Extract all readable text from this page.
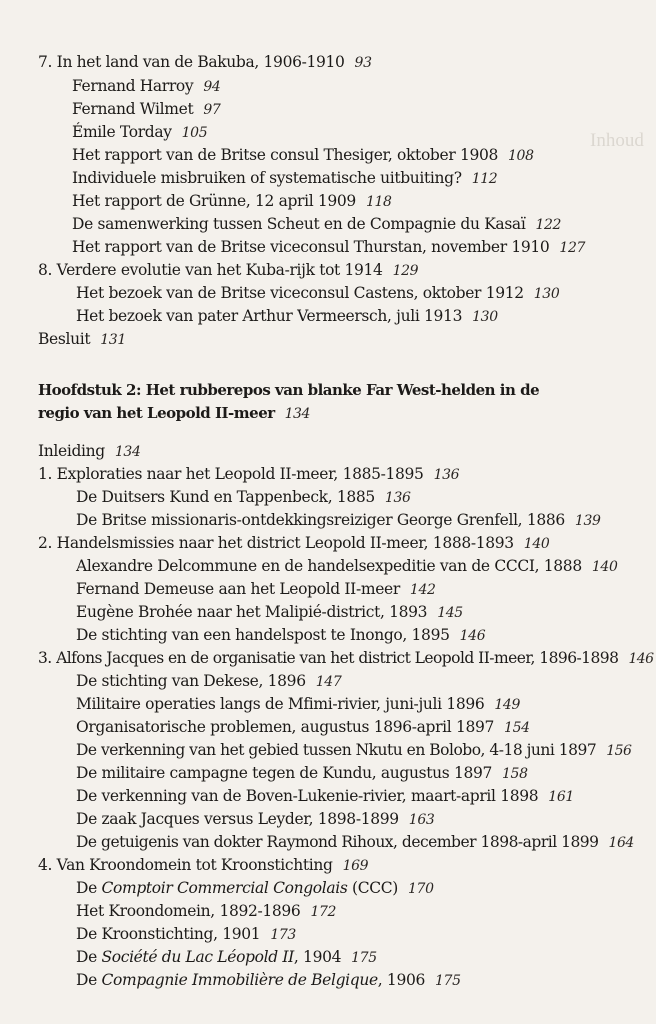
Inhoud
7. In het land van de Bakuba, 1906-1910 93
Fernand Harroy 94
Fernand Wilmet 97
Émile Torday 105
Het rapport van de Britse consul Thesiger, oktober 1908 108
Individuele misbruiken of systematische uitbuiting? 112
Het rapport de Grünne, 12 april 1909 118
De samenwerking tussen Scheut en de Compagnie du Kasaï 122
Het rapport van de Britse viceconsul Thurstan, november 1910 127
8. Verdere evolutie van het Kuba-rijk tot 1914 129
Het bezoek van de Britse viceconsul Castens, oktober 1912 130
Het bezoek van pater Arthur Vermeersch, juli 1913 130
Besluit 131
Hoofdstuk 2: Het rubberepos van blanke Far West-helden in de
regio van het Leopold II-meer 134
Inleiding 134
1. Exploraties naar het Leopold II-meer, 1885-1895 136
De Duitsers Kund en Tappenbeck, 1885 136
De Britse missionaris-ontdekkingsreiziger George Grenfell, 1886 139
2. Handelsmissies naar het district Leopold II-meer, 1888-1893 140
Alexandre Delcommune en de handelsexpeditie van de CCCI, 1888 140
Fernand Demeuse aan het Leopold II-meer 142
Eugène Brohée naar het Malipié-district, 1893 145
De stichting van een handelspost te Inongo, 1895 146
3. Alfons Jacques en de organisatie van het district Leopold II-meer, 1896-1898 146
De stichting van Dekese, 1896 147
Militaire operaties langs de Mfimi-rivier, juni-juli 1896 149
Organisatorische problemen, augustus 1896-april 1897 154
De verkenning van het gebied tussen Nkutu en Bolobo, 4-18 juni 1897 156
De militaire campagne tegen de Kundu, augustus 1897 158
De verkenning van de Boven-Lukenie-rivier, maart-april 1898 161
De zaak Jacques versus Leyder, 1898-1899 163
De getuigenis van dokter Raymond Rihoux, december 1898-april 1899 164
4. Van Kroondomein tot Kroonstichting 169
De Comptoir Commercial Congolais (CCC) 170
Het Kroondomein, 1892-1896 172
De Kroonstichting, 1901 173
De Société du Lac Léopold II, 1904 175
De Compagnie Immobilière de Belgique, 1906 175
